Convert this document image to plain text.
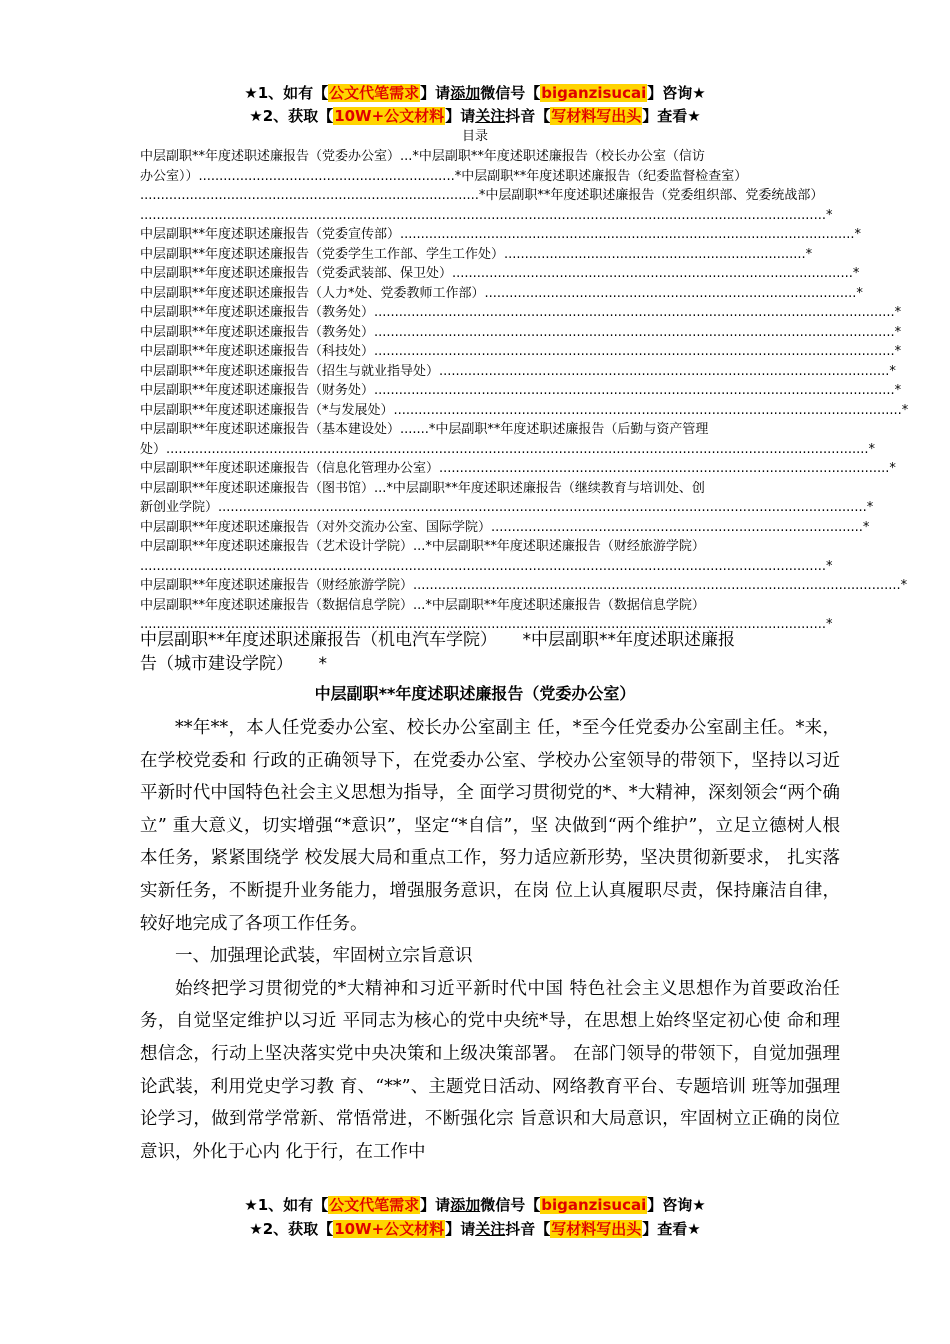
★1、如有【公文代笔需求】请添加微信号【biganzisucai】咨询★
★2、获取【10W+公文材料】请关注抖音【写材料写出头】查看★
目录
中层副职**年度述职述廉报告（党委办公室）...*中层副职**年度述职述廉报告（校长办公室（信访
办公室））..............................................................*中层副职**年度述职述廉报告（纪委监督检查室）
..................................................................................*中层副职**年度述职述廉报告（党委组织部、党委统战部）
......................................................................................................................................................................*
中层副职**年度述职述廉报告（党委宣传部）..............................................................................................................*
中层副职**年度述职述廉报告（党委学生工作部、学生工作处）.........................................................................*
中层副职**年度述职述廉报告（党委武装部、保卫处）.................................................................................................*
中层副职**年度述职述廉报告（人力*处、党委教师工作部）..........................................................................................*
中层副职**年度述职述廉报告（教务处）..............................................................................................................................*
中层副职**年度述职述廉报告（教务处）..............................................................................................................................*
中层副职**年度述职述廉报告（科技处）..............................................................................................................................*
中层副职**年度述职述廉报告（招生与就业指导处）.............................................................................................................*
中层副职**年度述职述廉报告（财务处）..............................................................................................................................*
中层副职**年度述职述廉报告（*与发展处）...........................................................................................................................*
中层副职**年度述职述廉报告（基本建设处）.......*中层副职**年度述职述廉报告（后勤与资产管理
处）..........................................................................................................................................................................*
中层副职**年度述职述廉报告（信息化管理办公室）.............................................................................................................*
中层副职**年度述职述廉报告（图书馆）...*中层副职**年度述职述廉报告（继续教育与培训处、创
新创业学院）.............................................................................................................................................................*
中层副职**年度述职述廉报告（对外交流办公室、国际学院）..........................................................................................*
中层副职**年度述职述廉报告（艺术设计学院）...*中层副职**年度述职述廉报告（财经旅游学院）
......................................................................................................................................................................*
中层副职**年度述职述廉报告（财经旅游学院）......................................................................................................................*
中层副职**年度述职述廉报告（数据信息学院）...*中层副职**年度述职述廉报告（数据信息学院）
......................................................................................................................................................................*
中层副职**年度述职述廉报告（机电汽车学院）　　*中层副职**年度述职述廉报
告（城市建设学院）　　*
中层副职**年度述职述廉报告（党委办公室）

**年**，本人任党委办公室、校长办公室副主 任，*至今任党委办公室副主任。*来，在学校党委和 行政的正确领导下，在党委办公室、学校办公室领导的带领下，坚持以习近平新时代中国特色社会主义思想为指导，全 面学习贯彻党的*、*大精神，深刻领会“两个确立” 重大意义，切实增强“*意识”，坚定“*自信”，坚 决做到“两个维护”，立足立德树人根本任务，紧紧围绕学 校发展大局和重点工作，努力适应新形势，坚决贯彻新要求， 扎实落实新任务，不断提升业务能力，增强服务意识，在岗 位上认真履职尽责，保持廉洁自律，较好地完成了各项工作任务。

一、加强理论武装，牢固树立宗旨意识

始终把学习贯彻党的*大精神和习近平新时代中国 特色社会主义思想作为首要政治任务，自觉坚定维护以习近 平同志为核心的党中央统*导，在思想上始终坚定初心使 命和理想信念，行动上坚决落实党中央决策和上级决策部署。 在部门领导的带领下，自觉加强理论武装，利用党史学习教 育、“**”、主题党日活动、网络教育平台、专题培训 班等加强理论学习，做到常学常新、常悟常进，不断强化宗 旨意识和大局意识，牢固树立正确的岗位意识，外化于心内 化于行，在工作中

★1、如有【公文代笔需求】请添加微信号【biganzisucai】咨询★
★2、获取【10W+公文材料】请关注抖音【写材料写出头】查看★
